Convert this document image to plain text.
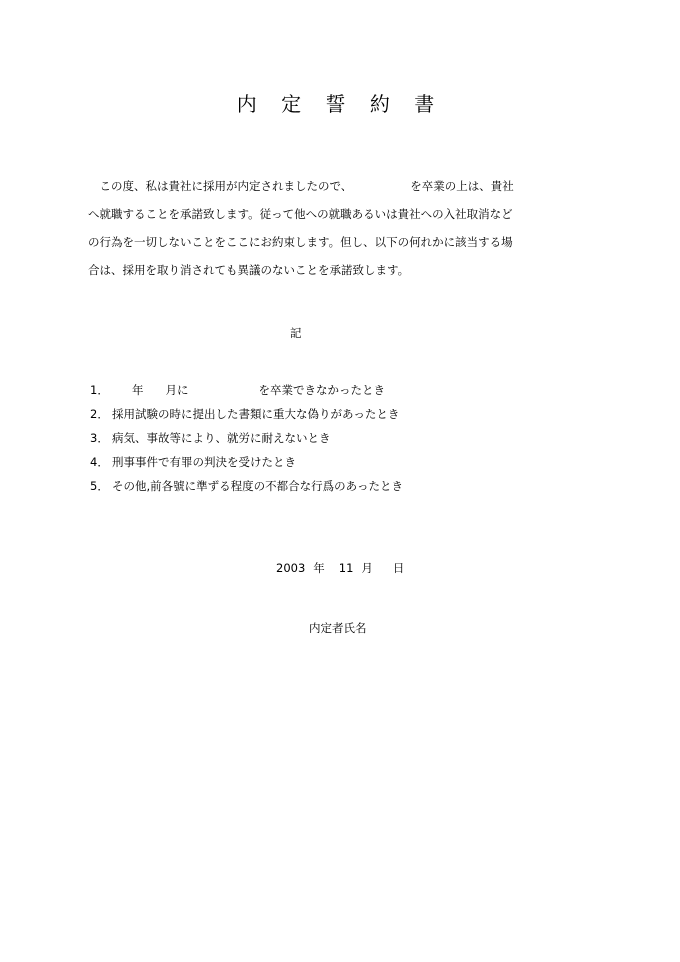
内 定 誓 約 書
　この度、私は貴社に採用が内定されましたので、	を卒業の上は、貴社
へ就職することを承諾致します。従って他への就職あるいは貴社への入社取消など
の行為を一切しないことをここにお約束します。但し、以下の何れかに該当する場
合は、採用を取り消されても異議のないことを承諾致します。
記
1． 年 月に	を卒業できなかったとき
2． 採用試験の時に提出した書類に重大な偽りがあったとき
3． 病気、事故等により、就労に耐えないとき
4． 刑事事件で有罪の判決を受けたとき
5． その他,前各號に準ずる程度の不都合な行爲のあったとき
2003 年 11 月 日
内定者氏名
